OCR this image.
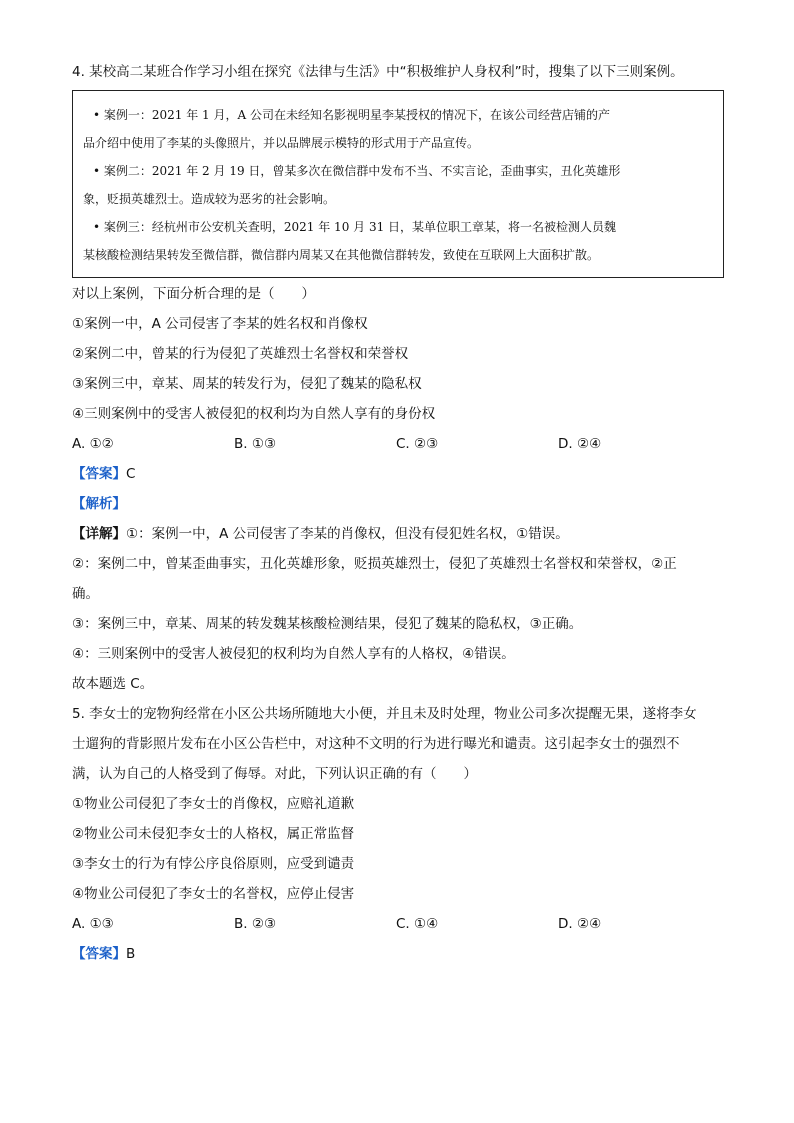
4. 某校高二某班合作学习小组在探究《法律与生活》中“积极维护人身权利”时，搜集了以下三则案例。

• 案例一：2021 年 1 月，A 公司在未经知名影视明星李某授权的情况下，在该公司经营店铺的产

品介绍中使用了李某的头像照片，并以品牌展示模特的形式用于产品宣传。

• 案例二：2021 年 2 月 19 日，曾某多次在微信群中发布不当、不实言论，歪曲事实，丑化英雄形

象，贬损英雄烈士。造成较为恶劣的社会影响。

• 案例三：经杭州市公安机关查明，2021 年 10 月 31 日，某单位职工章某，将一名被检测人员魏

某核酸检测结果转发至微信群，微信群内周某又在其他微信群转发，致使在互联网上大面积扩散。

对以上案例，下面分析合理的是（　　）

①案例一中，A 公司侵害了李某的姓名权和肖像权

②案例二中，曾某的行为侵犯了英雄烈士名誉权和荣誉权

③案例三中，章某、周某的转发行为，侵犯了魏某的隐私权

④三则案例中的受害人被侵犯的权利均为自然人享有的身份权

A. ①②	B. ①③	C. ②③	D. ②④

【答案】C

【解析】

【详解】①：案例一中，A 公司侵害了李某的肖像权，但没有侵犯姓名权，①错误。

②：案例二中，曾某歪曲事实，丑化英雄形象，贬损英雄烈士，侵犯了英雄烈士名誉权和荣誉权，②正

确。

③：案例三中，章某、周某的转发魏某核酸检测结果，侵犯了魏某的隐私权，③正确。

④：三则案例中的受害人被侵犯的权利均为自然人享有的人格权，④错误。

故本题选 C。

5. 李女士的宠物狗经常在小区公共场所随地大小便，并且未及时处理，物业公司多次提醒无果，遂将李女

士遛狗的背影照片发布在小区公告栏中，对这种不文明的行为进行曝光和谴责。这引起李女士的强烈不

满，认为自己的人格受到了侮辱。对此，下列认识正确的有（　　）

①物业公司侵犯了李女士的肖像权，应赔礼道歉

②物业公司未侵犯李女士的人格权，属正常监督

③李女士的行为有悖公序良俗原则，应受到谴责

④物业公司侵犯了李女士的名誉权，应停止侵害

A. ①③	B. ②③	C. ①④	D. ②④

【答案】B
